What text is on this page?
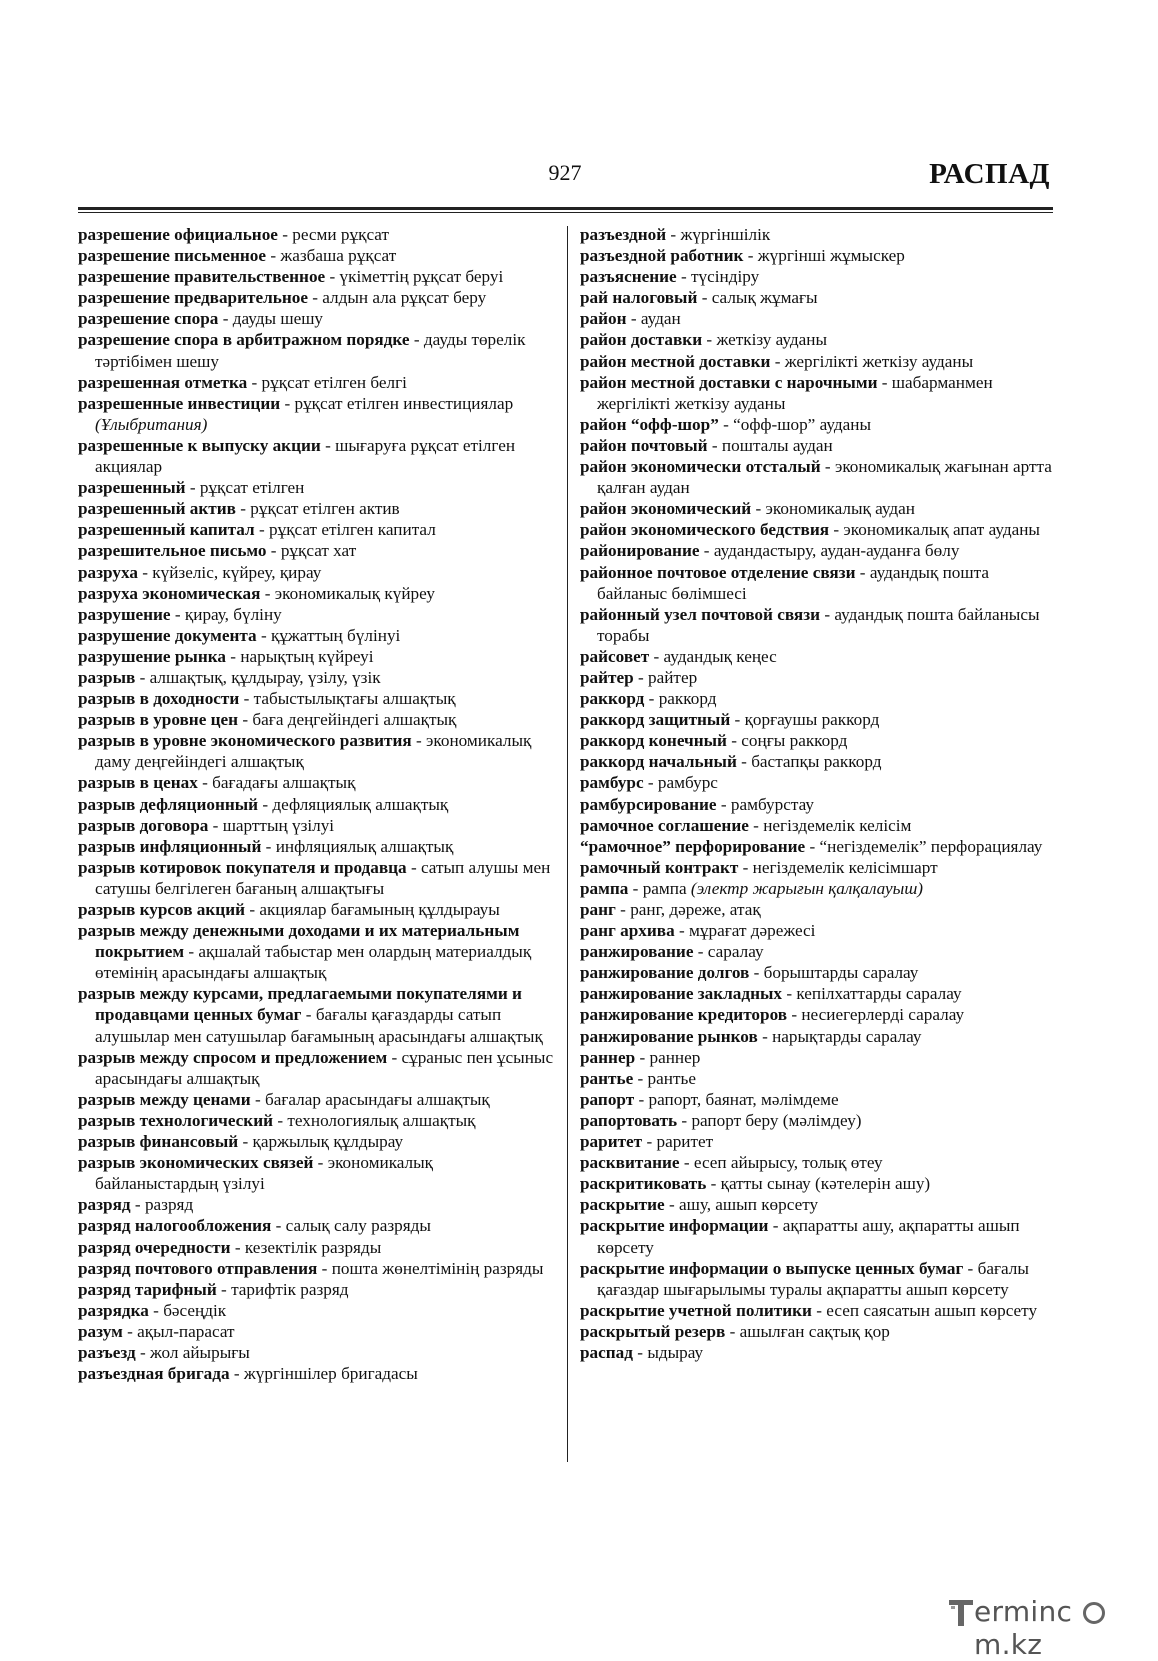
927	РАСПАД

разрешение официальное - ресми рұқсат

разрешение письменное - жазбаша рұқсат

разрешение правительственное - үкіметтің рұқсат беруі

разрешение предварительное - алдын ала рұқсат беру

разрешение спора - дауды шешу

разрешение спора в арбитражном порядке - дауды төрелік тәртібімен шешу

разрешенная отметка - рұқсат етілген белгі

разрешенные инвестиции - рұқсат етілген инвестициялар (Ұлыбритания)

разрешенные к выпуску акции - шығаруға рұқсат етілген акциялар

разрешенный - рұқсат етілген

разрешенный актив - рұқсат етілген актив

разрешенный капитал - рұқсат етілген капитал

разрешительное письмо - рұқсат хат

разруха - күйзеліс, күйреу, қирау

разруха экономическая - экономикалық күйреу

разрушение - қирау, бүліну

разрушение документа - құжаттың бүлінуі

разрушение рынка - нарықтың күйреуі

разрыв - алшақтық, құлдырау, үзілу, үзік

разрыв в доходности - табыстылықтағы алшақтық

разрыв в уровне цен - баға деңгейіндегі алшақтық

разрыв в уровне экономического развития - экономикалық даму деңгейіндегі алшақтық

разрыв в ценах - бағадағы алшақтық

разрыв дефляционный - дефляциялық алшақтық

разрыв договора - шарттың үзілуі

разрыв инфляционный - инфляциялық алшақтық

разрыв котировок покупателя и продавца - сатып алушы мен сатушы белгілеген бағаның алшақтығы

разрыв курсов акций - акциялар бағамының құлдырауы

разрыв между денежными доходами и их материальным покрытием - ақшалай табыстар мен олардың материалдық өтемінің арасындағы алшақтық

разрыв между курсами, предлагаемыми покупателями и продавцами ценных бумаг - бағалы қағаздарды сатып алушылар мен сатушылар бағамының арасындағы алшақтық

разрыв между спросом и предложением - сұраныс пен ұсыныс арасындағы алшақтық

разрыв между ценами - бағалар арасындағы алшақтық

разрыв технологический - технологиялық алшақтық

разрыв финансовый - қаржылық құлдырау

разрыв экономических связей - экономикалық байланыстардың үзілуі

разряд - разряд

разряд налогообложения - салық салу разряды

разряд очередности - кезектілік разряды

разряд почтового отправления - пошта жөнелтімінің разряды

разряд тарифный - тарифтік разряд

разрядка - бәсеңдік

разум - ақыл-парасат

разъезд - жол айырығы

разъездная бригада - жүргіншілер бригадасы

разъездной - жүргіншілік

разъездной работник - жүргінші жұмыскер

разъяснение - түсіндіру

рай налоговый - салық жұмағы

район - аудан

район доставки - жеткізу ауданы

район местной доставки - жергілікті жеткізу ауданы

район местной доставки с нарочными - шабарманмен жергілікті жеткізу ауданы

район “офф-шор” - “офф-шор” ауданы

район почтовый - пошталы аудан

район экономически отсталый - экономикалық жағынан артта қалған аудан

район экономический - экономикалық аудан

район экономического бедствия - экономикалық апат ауданы

районирование - аудандастыру, аудан-ауданға бөлу

районное почтовое отделение связи - аудандық пошта байланыс бөлімшесі

районный узел почтовой связи - аудандық пошта байланысы торабы

райсовет - аудандық кеңес

райтер - райтер

раккорд - раккорд

раккорд защитный - қорғаушы раккорд

раккорд конечный - соңғы раккорд

раккорд начальный - бастапқы раккорд

рамбурс - рамбурс

рамбурсирование - рамбурстау

рамочное соглашение - негіздемелік келісім

“рамочное” перфорирование - “негіздемелік” перфорациялау

рамочный контракт - негіздемелік келісімшарт

рампа - рампа (электр жарығын қалқалауыш)

ранг - ранг, дәреже, атақ

ранг архива - мұрағат дәрежесі

ранжирование - саралау

ранжирование долгов - борыштарды саралау

ранжирование закладных - кепілхаттарды саралау

ранжирование кредиторов - несиегерлерді саралау

ранжирование рынков - нарықтарды саралау

раннер - раннер

рантье - рантье

рапорт - рапорт, баянат, мәлімдеме

рапортовать - рапорт беру (мәлімдеу)

раритет - раритет

расквитание - есеп айырысу, толық өтеу

раскритиковать - қатты сынау (кәтелерін ашу)

раскрытие - ашу, ашып көрсету

раскрытие информации - ақпаратты ашу, ақпаратты ашып көрсету

раскрытие информации о выпуске ценных бумаг - бағалы қағаздар шығарылымы туралы ақпаратты ашып көрсету

раскрытие учетной политики - есеп саясатын ашып көрсету

раскрытый резерв - ашылған сақтық қор

распад - ыдырау

ermincm.kz
